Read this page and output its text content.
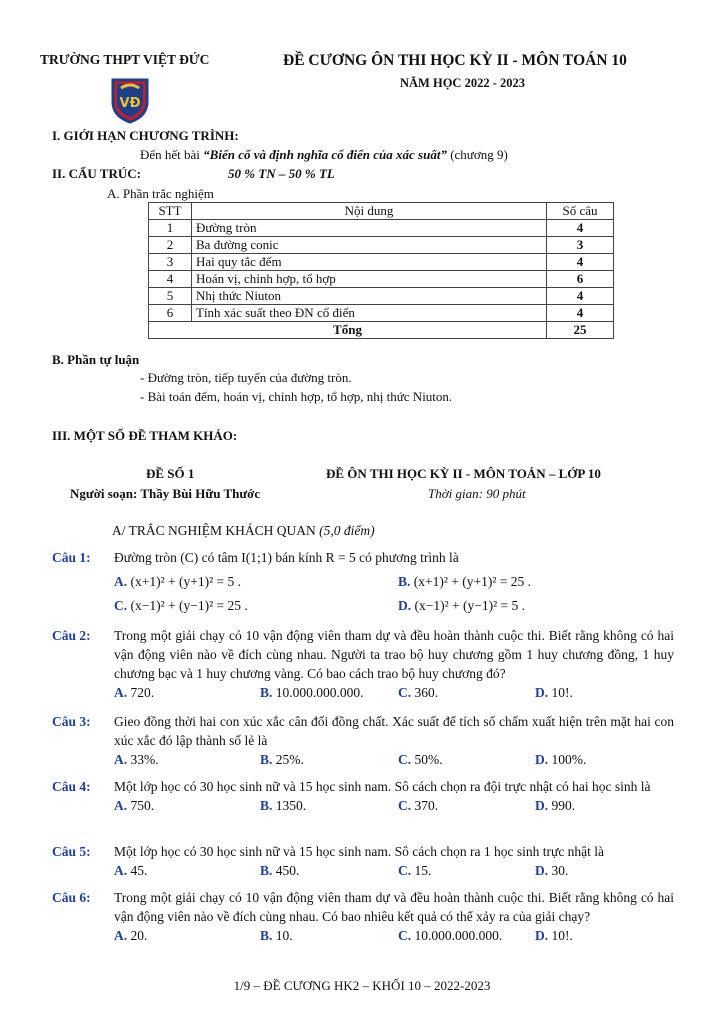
TRƯỜNG THPT VIỆT ĐỨC	ĐỀ CƯƠNG ÔN THI HỌC KỲ II - MÔN TOÁN 10
NĂM HỌC 2022 - 2023
VĐ
I. GIỚI HẠN CHƯƠNG TRÌNH:
Đến hết bài “Biến cố và định nghĩa cổ điển của xác suất” (chương 9)
II. CẤU TRÚC:	50 % TN – 50 % TL
A. Phần trắc nghiệm
STT	Nội dung	Số câu
1	Đường tròn	4
2	Ba đường conic	3
3	Hai quy tắc đếm	4
4	Hoán vị, chỉnh hợp, tổ hợp	6
5	Nhị thức Niuton	4
6	Tính xác suất theo ĐN cổ điển	4
Tổng		25
B. Phần tự luận
- Đường tròn, tiếp tuyến của đường tròn.
- Bài toán đếm, hoán vị, chỉnh hợp, tổ hợp, nhị thức Niuton.
III. MỘT SỐ ĐỀ THAM KHẢO:
ĐỀ SỐ 1	ĐỀ ÔN THI HỌC KỲ II - MÔN TOÁN – LỚP 10
Người soạn: Thầy Bùi Hữu Thước	Thời gian: 90 phút
A/ TRẮC NGHIỆM KHÁCH QUAN (5,0 điểm)
Câu 1: Đường tròn (C) có tâm I(1;1) bán kính R = 5 có phương trình là
A. (x+1)² + (y+1)² = 5 .	B. (x+1)² + (y+1)² = 25 .
C. (x−1)² + (y−1)² = 25 .	D. (x−1)² + (y−1)² = 5 .
Câu 2: Trong một giải chạy có 10 vận động viên tham dự và đều hoàn thành cuộc thi. Biết rằng không có hai vận động viên nào về đích cùng nhau. Người ta trao bộ huy chương gồm 1 huy chương đồng, 1 huy chương bạc và 1 huy chương vàng. Có bao cách trao bộ huy chương đó?
A. 720.	B. 10.000.000.000.	C. 360.	D. 10!.
Câu 3: Gieo đồng thời hai con xúc xắc cân đối đồng chất. Xác suất để tích số chấm xuất hiện trên mặt hai con xúc xắc đó lập thành số lẻ là
A. 33%.	B. 25%.	C. 50%.	D. 100%.
Câu 4: Một lớp học có 30 học sinh nữ và 15 học sinh nam. Sô cách chọn ra đội trực nhật có hai học sinh là
A. 750.	B. 1350.	C. 370.	D. 990.
Câu 5: Một lớp học có 30 học sinh nữ và 15 học sinh nam. Sô cách chọn ra 1 học sinh trực nhật là
A. 45.	B. 450.	C. 15.	D. 30.
Câu 6: Trong một giải chạy có 10 vận động viên tham dự và đều hoàn thành cuộc thi. Biết rằng không có hai vận động viên nào về đích cùng nhau. Có bao nhiêu kết quả có thể xảy ra của giải chạy?
A. 20.	B. 10.	C. 10.000.000.000. D. 10!.
1/9 – ĐỀ CƯƠNG HK2 – KHỐI 10 – 2022-2023
